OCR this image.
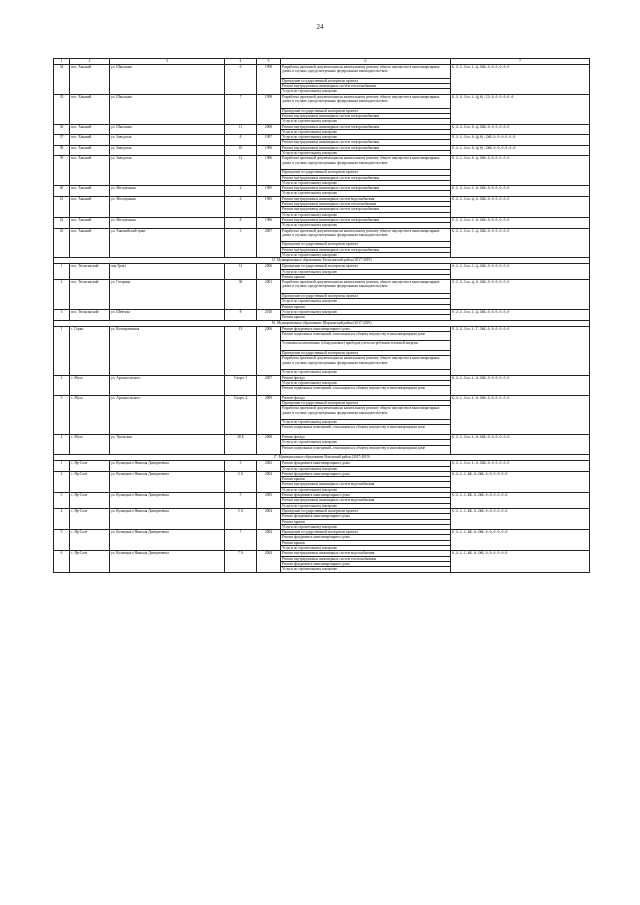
24
1	2	3	4	5	6	7
34	пос. Хананей	ул. Школьная	6	1998	Разработка проектной документации на капитальному ремонту общего имущества в многоквартирных домах в случаях, предусмотренных федеральным законодательством	Б-3-2-Схк-1-Ц-СЖБ-0-0-0-0-0-0
					Проведение государственной экспертизы проекта	
					Ремонт внутридомовых инженерных систем теплоснабжения	
					Услуги по строительному контролю	
35	пос. Хананей	ул. Школьная	7	1998	Разработка проектной документации на капитальному ремонту общего имущества в многоквартирных домах в случаях, предусмотренных федеральным законодательством	Б-2-4-Схк-1-Ц(Н)-СЗ-0-0-0-0-0-0
					Проведение государственной экспертизы проекта	
					Ремонт внутридомовых инженерных систем электроснабжения	
					Услуги по строительному контролю	
36	пос. Хананей	ул. Школьная	11	2008	Ремонт внутридомовых инженерных систем электроснабжения	Б-3-4-Схк-0-Ц-СЖБ-0-0-0-0-0-0
					Услуги по строительному контролю	
37	пос. Хананей	ул. Заводская	8	1997	Услуги по строительному контролю	П-2-1-Схк-0-Ц(Н)-СЖБ-0-0-0-0-0-0
					Ремонт внутридомовых инженерных систем электроснабжения	
38	пос. Хананей	ул. Заводская	10	1996	Ремонт внутридомовых инженерных систем электроснабжения	П-2-1-Схк-0-Ц(Н)-СЖБ-0-0-0-0-0-0
					Услуги по строительному контролю	
39	пос. Хананей	ул. Заводская	12	1986	Разработка проектной документации на капитальному ремонту общего имущества в многоквартирных домах в случаях, предусмотренных федеральным законодательством	П-2-1-Схк-0-Ц-СЖБ-0-0-0-0-0-0
					Проведение государственной экспертизы проекта	
					Ремонт внутридомовых инженерных систем электроснабжения	
					Услуги по строительному контролю	
40	пос. Хананей	ул. Молодежная	2	1985	Ремонт внутридомовых инженерных систем электроснабжения	Н-2-3-Схк-С-Н-СЖБ-0-0-0-0-0-0
					Услуги по строительному контролю	
41	пос. Хананей	ул. Молодежная	4	1983	Ремонт внутридомовых инженерных систем водоснабжения	П-2-2-Схк-Ц-Н-СЖБ-0-0-0-0-0-0
					Ремонт внутридомовых инженерных систем теплоснабжения	
					Ремонт внутридомовых инженерных систем электроснабжения	
					Услуги по строительному контролю	
42	пос. Хананей	ул. Молодежная	8	1986	Ремонт внутридомовых инженерных систем электроснабжения	П-2-3-Схк-С-Н-СЖБ-0-0-0-0-0-0
					Услуги по строительному контролю	
43	пос. Хананей	ул. Хананейский тракт	3	2007	Разработка проектной документации на капитальному ремонту общего имущества в многоквартирных домах в случаях, предусмотренных федеральным законодательством	Б-3-2-Схк-С-Ц-СЖБ-0-0-0-0-0-0
					Проведение государственной экспертизы проекта	
					Ремонт внутридомовых инженерных систем электроснабжения	
					Услуги по строительному контролю	
15. Муниципальное образование Тюльганский район (2017-2019)						
1	пос. Тюльганский	пер.Тракт	14	2006	Проведение государственной экспертизы проекта	Н-2-2-Схк-С-Ц-СЖБ-0-0-0-0-0-0
					Услуги по строительному контролю	
					Ремонт крыши	
2	пос. Тюльганский	ул. Гагарина	30	2001	Разработка проектной документации на капитальному ремонту общего имущества в многоквартирных домах в случаях, предусмотренных федеральным законодательством	П-2-3-Схк-Ц-Н-СЖБ-0-0-0-0-0-0
					Проведение государственной экспертизы проекта	
					Услуги по строительному контролю	
					Ремонт крыши	
3	пос. Тюльганский	ул. Шевчука	8	2010	Услуги по строительному контролю	Н-2-2-Схк-С-Ц-СЖБ-0-0-0-0-0-0
					Ремонт крыши	
16. Муниципальное образование Шарлыкский район (2017-2019)						
1	с. Горки	ул. Кооперативная	13	2006	Ремонт фундамента многоквартирного дома	П-2-3-Схк-1-Т-СЖБ-0-0-0-0-0-0
					Ремонт подвальных помещений, относящихся к общему имуществу в многоквартирном доме	
					Установка коллективных (общедомовых) приборов учета потребления тепловой энергии	
					Проведение государственной экспертизы проекта	
					Разработка проектной документации на капитальному ремонту общего имущества в многоквартирных домах в случаях, предусмотренных федеральным законодательством	
					Услуги по строительному контролю	
2	с. Мухо	ул. Архангельского	5 корп. 1	2007	Ремонт фасада	Б-3-1-Схк-1-Н-СЖБ-0-0-0-0-0-0
					Услуги по строительному контролю	
					Ремонт подвальных помещений, относящихся к общему имуществу в многоквартирном доме	
3	с. Мухо	ул. Архангельского	5 корп. 2	2009	Ремонт фасада	Б-4-1-Схк-1-Н-СЖБ-0-0-0-0-0-0
					Проведение государственной экспертизы проекта	
					Разработка проектной документации на капитальному ремонту общего имущества в многоквартирных домах в случаях, предусмотренных федеральным законодательством	
					Услуги по строительному контролю	
					Ремонт подвальных помещений, относящихся к общему имуществу в многоквартирном доме	
4	с. Мухо	ул. Уральская	28 Б	2008	Ремонт фасада	Б-3-2-Схк-1-Н-СЖБ-0-0-0-0-0-0
					Услуги по строительному контролю	
					Ремонт подвальных помещений, относящихся к общему имуществу в многоквартирном доме	
17. Муниципальное образование Ясненский район (2017-2019)						
1	с. Яр-Сале	ул. Кузнецкого Николая Дмитриевича	3	2002	Ремонт фундамента многоквартирного дома	К-3-1-Схк-1-Н-СЖБ-0-0-0-0-0-0
					Услуги по строительному контролю	
2	с. Яр-Сале	ул. Кузнецкого Николая Дмитриевича	3 А	2004	Ремонт фундамента многоквартирного дома	К-3-1-С-ЖБ-Н-СЖБ-0-0-0-0-0-0
					Ремонт крыши	
					Ремонт внутридомовых инженерных систем водоснабжения	
					Услуги по строительному контролю	
3	с. Яр-Сале	ул. Кузнецкого Николая Дмитриевича	5	2003	Ремонт фундамента многоквартирного дома	К-3-1-С-ЖБ-Н-СЖБ-0-0-0-0-0-0
					Ремонт внутридомовых инженерных систем водоснабжения	
					Услуги по строительному контролю	
4	с. Яр-Сале	ул. Кузнецкого Николая Дмитриевича	5 А	2004	Проведение государственной экспертизы проекта	К-3-1-С-ЖБ-Н-СЖБ-0-0-0-0-0-0
					Ремонт фундамента многоквартирного дома	
					Ремонт крыши	
					Услуги по строительному контролю	
5	с. Яр-Сале	ул. Кузнецкого Николая Дмитриевича	7	2004	Проведение государственной экспертизы проекта	К-3-1-С-ЖБ-Н-СЖБ-0-0-0-0-0-0
					Ремонт фундамента многоквартирного дома	
					Ремонт крыши	
					Услуги по строительному контролю	
6	с. Яр-Сале	ул. Кузнецкого Николая Дмитриевича	7 А	2004	Ремонт внутридомовых инженерных систем водоснабжения	К-3-1-С-ЖБ-Н-СЖБ-0-0-0-0-0-0
					Ремонт внутридомовых инженерных систем теплоснабжения	
					Ремонт фундамента многоквартирного дома	
					Услуги по строительному контролю	
